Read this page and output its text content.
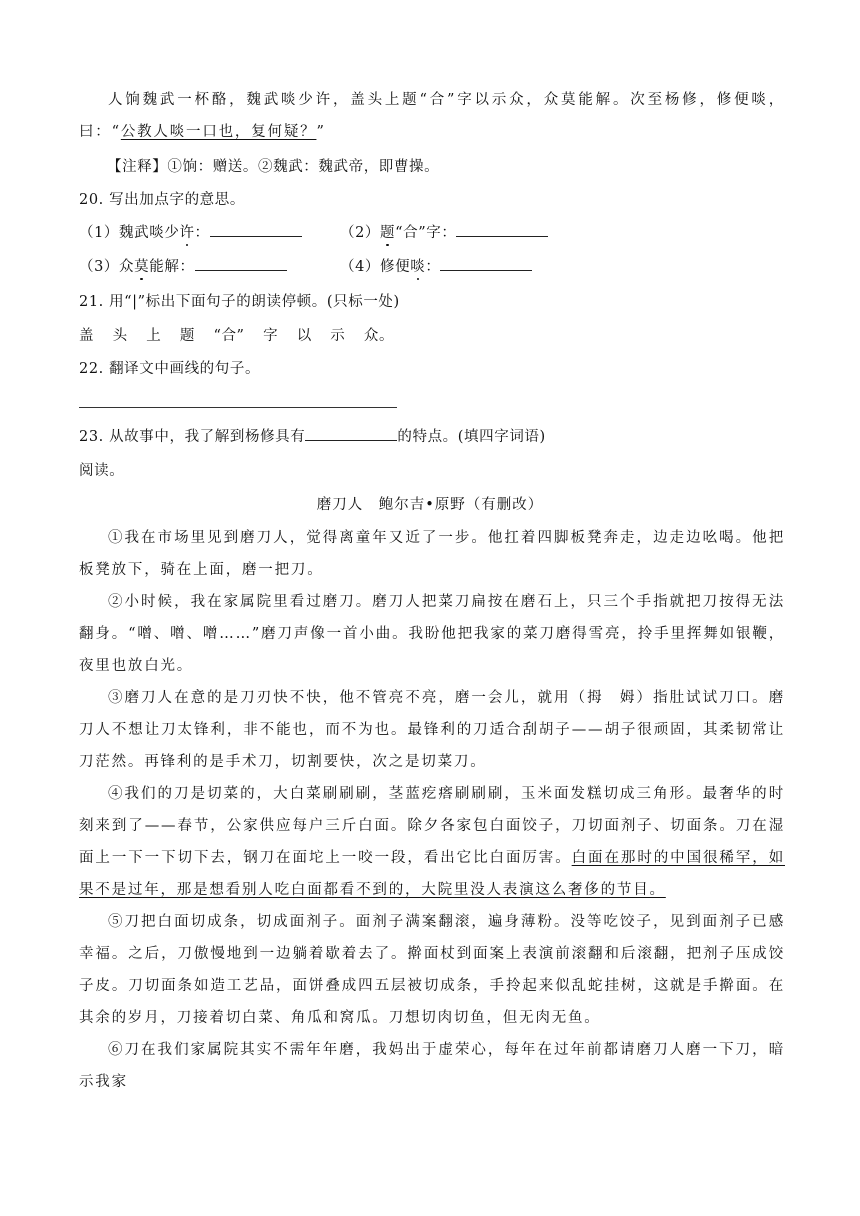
人饷魏武一杯酪，魏武啖少许，盖头上题“合”字以示众，众莫能解。次至杨修，修便啖，曰：“公教人啖一口也，复何疑？”

【注释】①饷：赠送。②魏武：魏武帝，即曹操。

20. 写出加点字的意思。

（1）魏武啖少许：	（2）题“合”字：

（3）众莫能解：	（4）修便啖：

21. 用“|”标出下面句子的朗读停顿。(只标一处)

盖 头 上 题 “合” 字 以 示 众。

22. 翻译文中画线的句子。

23. 从故事中，我了解到杨修具有	的特点。(填四字词语)

阅读。

磨刀人　鲍尔吉•原野（有删改）

①我在市场里见到磨刀人，觉得离童年又近了一步。他扛着四脚板凳奔走，边走边吆喝。他把板凳放下，骑在上面，磨一把刀。

②小时候，我在家属院里看过磨刀。磨刀人把菜刀扁按在磨石上，只三个手指就把刀按得无法翻身。“噌、噌、噌……”磨刀声像一首小曲。我盼他把我家的菜刀磨得雪亮，拎手里挥舞如银鞭，夜里也放白光。

③磨刀人在意的是刀刃快不快，他不管亮不亮，磨一会儿，就用（拇　姆）指肚试试刀口。磨刀人不想让刀太锋利，非不能也，而不为也。最锋利的刀适合刮胡子——胡子很顽固，其柔韧常让刀茫然。再锋利的是手术刀，切割要快，次之是切菜刀。

④我们的刀是切菜的，大白菜刷刷刷，茎蓝疙瘩刷刷刷，玉米面发糕切成三角形。最奢华的时刻来到了——春节，公家供应每户三斤白面。除夕各家包白面饺子，刀切面剂子、切面条。刀在湿面上一下一下切下去，钢刀在面坨上一咬一段，看出它比白面厉害。白面在那时的中国很稀罕，如果不是过年，那是想看别人吃白面都看不到的，大院里没人表演这么奢侈的节目。

⑤刀把白面切成条，切成面剂子。面剂子满案翻滚，遍身薄粉。没等吃饺子，见到面剂子已感幸福。之后，刀傲慢地到一边躺着歇着去了。擀面杖到面案上表演前滚翻和后滚翻，把剂子压成饺子皮。刀切面条如造工艺品，面饼叠成四五层被切成条，手拎起来似乱蛇挂树，这就是手擀面。在其余的岁月，刀接着切白菜、角瓜和窝瓜。刀想切肉切鱼，但无肉无鱼。

⑥刀在我们家属院其实不需年年磨，我妈出于虚荣心，每年在过年前都请磨刀人磨一下刀，暗示我家
